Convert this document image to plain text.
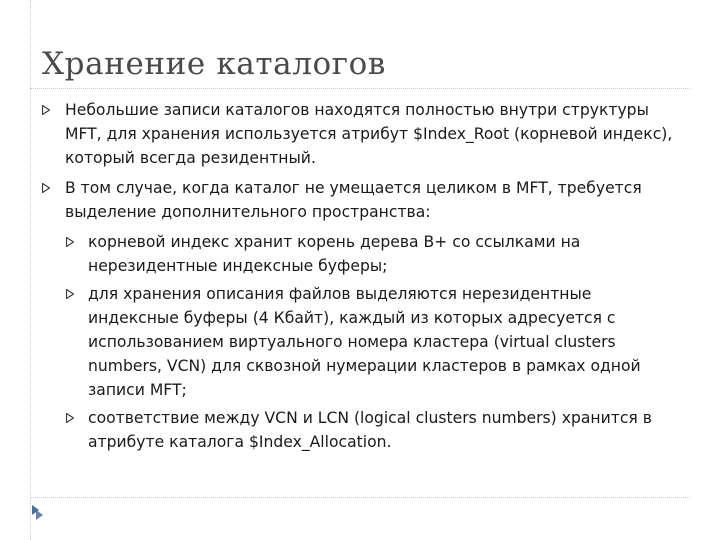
Хранение каталогов
Небольшие записи каталогов находятся полностью внутри структуры MFT, для хранения используется атрибут $Index_Root (корневой индекс), который всегда резидентный.
В том случае, когда каталог не умещается целиком в MFT, требуется выделение дополнительного пространства:
корневой индекс хранит корень дерева B+ со ссылками на нерезидентные индексные буферы;
для хранения описания файлов выделяются нерезидентные индексные буферы (4 Кбайт), каждый из которых адресуется с использованием виртуального номера кластера (virtual clusters numbers, VCN) для сквозной нумерации кластеров в рамках одной записи MFT;
соответствие между VCN и LCN (logical clusters numbers) хранится в атрибуте каталога $Index_Allocation.
